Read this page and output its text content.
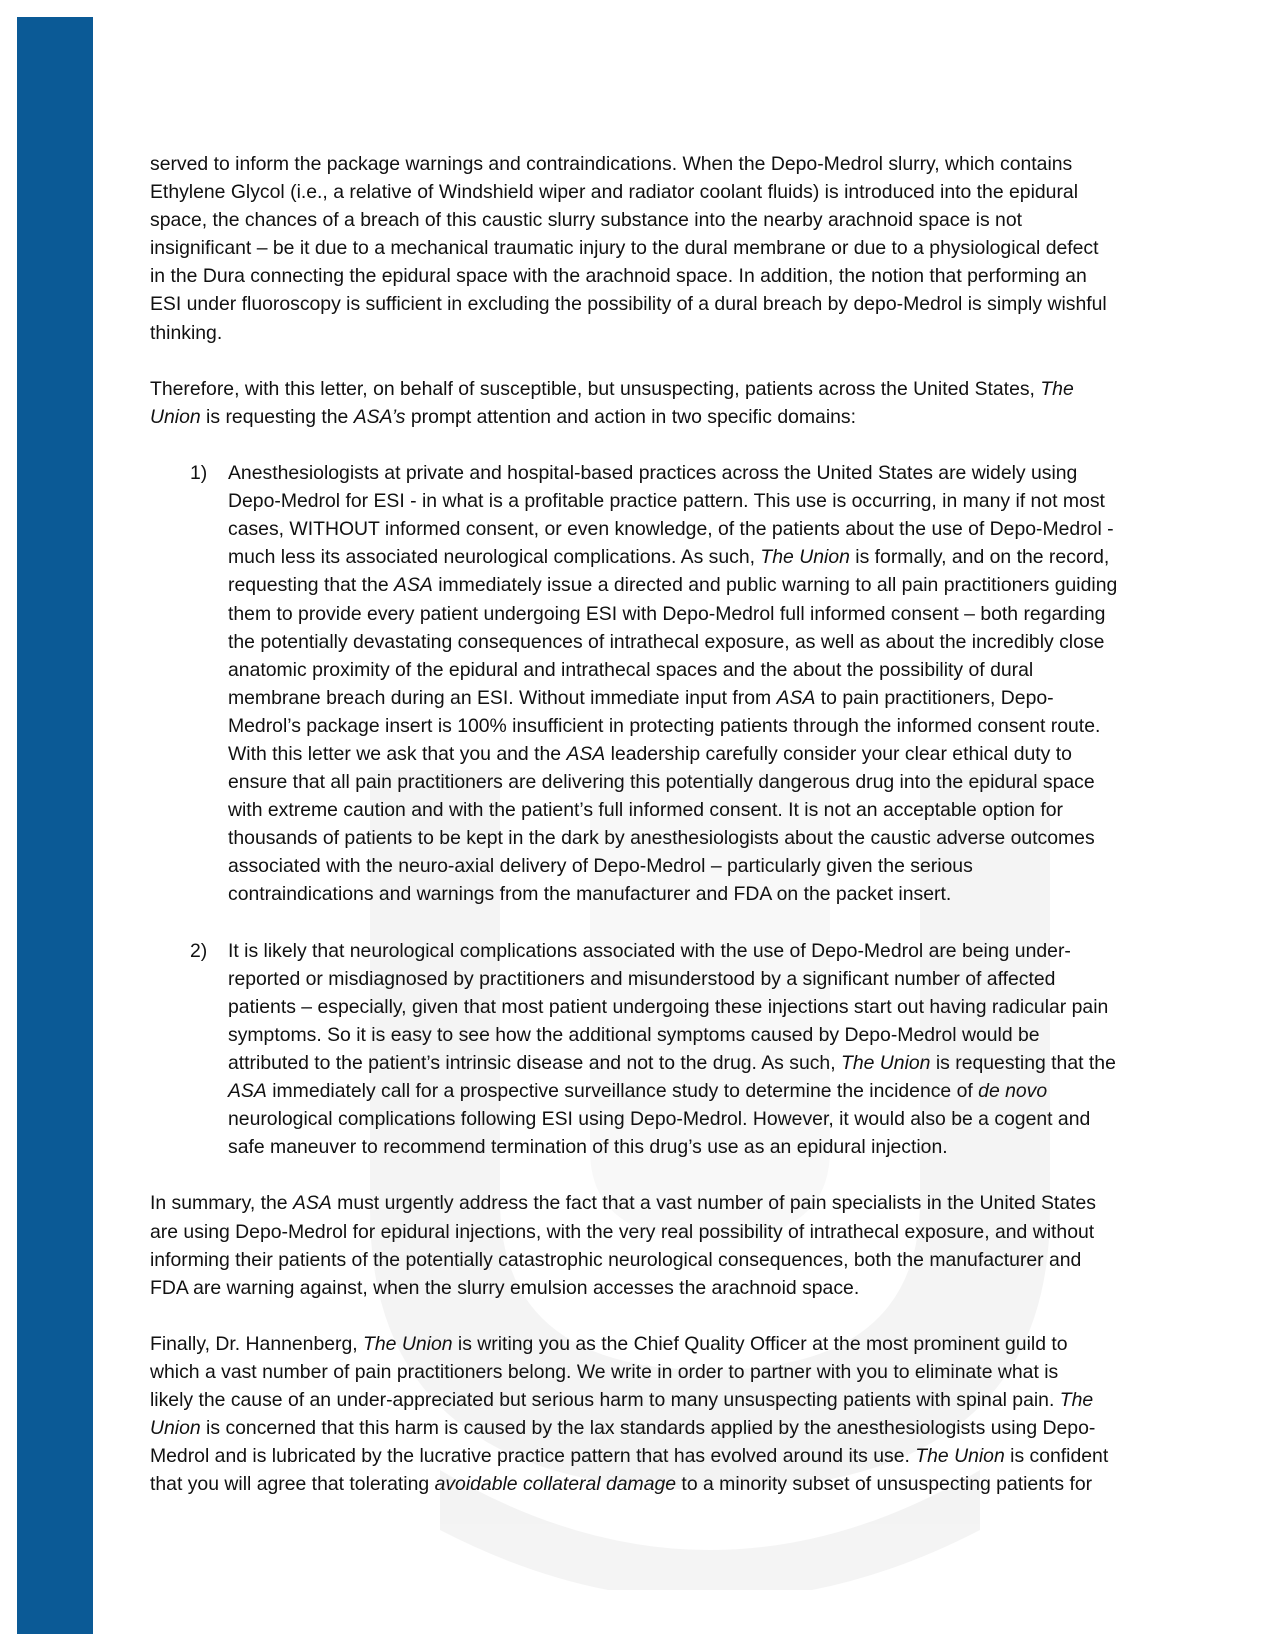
served to inform the package warnings and contraindications. When the Depo-Medrol slurry, which contains
Ethylene Glycol (i.e., a relative of Windshield wiper and radiator coolant fluids) is introduced into the epidural
space, the chances of a breach of this caustic slurry substance into the nearby arachnoid space is not
insignificant – be it due to a mechanical traumatic injury to the dural membrane or due to a physiological defect
in the Dura connecting the epidural space with the arachnoid space. In addition, the notion that performing an
ESI under fluoroscopy is sufficient in excluding the possibility of a dural breach by depo-Medrol is simply wishful
thinking.

Therefore, with this letter, on behalf of susceptible, but unsuspecting, patients across the United States, The
Union is requesting the ASA’s prompt attention and action in two specific domains:

1) Anesthesiologists at private and hospital-based practices across the United States are widely using
Depo-Medrol for ESI - in what is a profitable practice pattern. This use is occurring, in many if not most
cases, WITHOUT informed consent, or even knowledge, of the patients about the use of Depo-Medrol -
much less its associated neurological complications. As such, The Union is formally, and on the record,
requesting that the ASA immediately issue a directed and public warning to all pain practitioners guiding
them to provide every patient undergoing ESI with Depo-Medrol full informed consent – both regarding
the potentially devastating consequences of intrathecal exposure, as well as about the incredibly close
anatomic proximity of the epidural and intrathecal spaces and the about the possibility of dural
membrane breach during an ESI. Without immediate input from ASA to pain practitioners, Depo-
Medrol’s package insert is 100% insufficient in protecting patients through the informed consent route.
With this letter we ask that you and the ASA leadership carefully consider your clear ethical duty to
ensure that all pain practitioners are delivering this potentially dangerous drug into the epidural space
with extreme caution and with the patient’s full informed consent. It is not an acceptable option for
thousands of patients to be kept in the dark by anesthesiologists about the caustic adverse outcomes
associated with the neuro-axial delivery of Depo-Medrol – particularly given the serious
contraindications and warnings from the manufacturer and FDA on the packet insert.
2) It is likely that neurological complications associated with the use of Depo-Medrol are being under-
reported or misdiagnosed by practitioners and misunderstood by a significant number of affected
patients – especially, given that most patient undergoing these injections start out having radicular pain
symptoms. So it is easy to see how the additional symptoms caused by Depo-Medrol would be
attributed to the patient’s intrinsic disease and not to the drug. As such, The Union is requesting that the
ASA immediately call for a prospective surveillance study to determine the incidence of de novo
neurological complications following ESI using Depo-Medrol. However, it would also be a cogent and
safe maneuver to recommend termination of this drug’s use as an epidural injection.

In summary, the ASA must urgently address the fact that a vast number of pain specialists in the United States
are using Depo-Medrol for epidural injections, with the very real possibility of intrathecal exposure, and without
informing their patients of the potentially catastrophic neurological consequences, both the manufacturer and
FDA are warning against, when the slurry emulsion accesses the arachnoid space.

Finally, Dr. Hannenberg, The Union is writing you as the Chief Quality Officer at the most prominent guild to
which a vast number of pain practitioners belong. We write in order to partner with you to eliminate what is
likely the cause of an under-appreciated but serious harm to many unsuspecting patients with spinal pain. The
Union is concerned that this harm is caused by the lax standards applied by the anesthesiologists using Depo-
Medrol and is lubricated by the lucrative practice pattern that has evolved around its use. The Union is confident
that you will agree that tolerating avoidable collateral damage to a minority subset of unsuspecting patients for
